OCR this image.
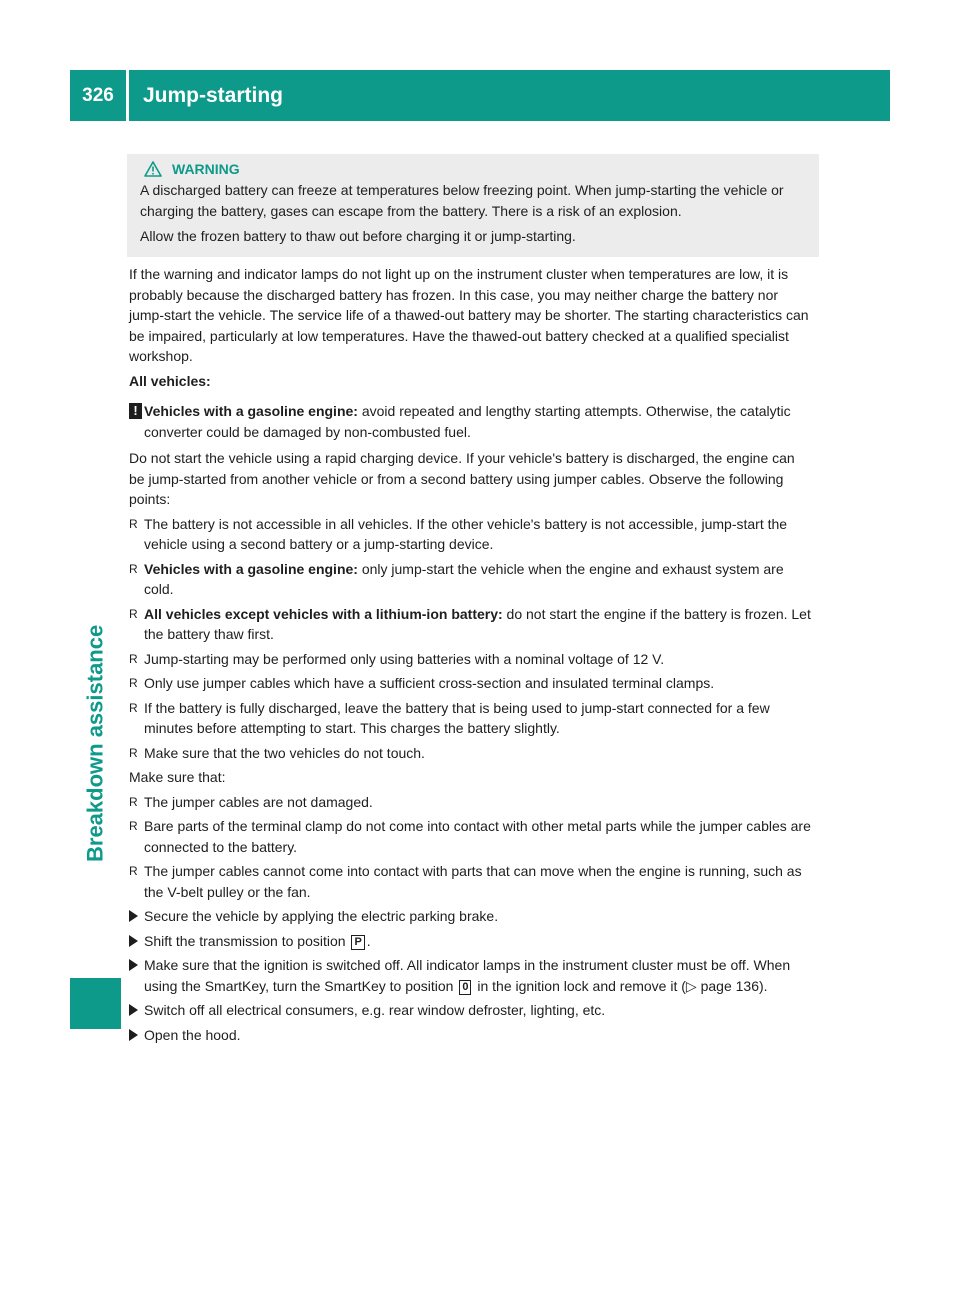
326	Jump-starting
Breakdown assistance
WARNING

A discharged battery can freeze at temperatures below freezing point. When jump-starting the vehicle or charging the battery, gases can escape from the battery. There is a risk of an explosion.

Allow the frozen battery to thaw out before charging it or jump-starting.

If the warning and indicator lamps do not light up on the instrument cluster when temperatures are low, it is probably because the discharged battery has frozen. In this case, you may neither charge the battery nor jump-start the vehicle. The service life of a thawed-out battery may be shorter. The starting characteristics can be impaired, particularly at low temperatures. Have the thawed-out battery checked at a qualified specialist workshop.

All vehicles:

! Vehicles with a gasoline engine: avoid repeated and lengthy starting attempts. Otherwise, the catalytic converter could be damaged by non-combusted fuel.

Do not start the vehicle using a rapid charging device. If your vehicle's battery is discharged, the engine can be jump-started from another vehicle or from a second battery using jumper cables. Observe the following points:

R The battery is not accessible in all vehicles. If the other vehicle's battery is not accessible, jump-start the vehicle using a second battery or a jump-starting device.
R Vehicles with a gasoline engine: only jump-start the vehicle when the engine and exhaust system are cold.
R All vehicles except vehicles with a lithium-ion battery: do not start the engine if the battery is frozen. Let the battery thaw first.
R Jump-starting may be performed only using batteries with a nominal voltage of 12 V.
R Only use jumper cables which have a sufficient cross-section and insulated terminal clamps.
R If the battery is fully discharged, leave the battery that is being used to jump-start connected for a few minutes before attempting to start. This charges the battery slightly.
R Make sure that the two vehicles do not touch.

Make sure that:

R The jumper cables are not damaged.
R Bare parts of the terminal clamp do not come into contact with other metal parts while the jumper cables are connected to the battery.
R The jumper cables cannot come into contact with parts that can move when the engine is running, such as the V-belt pulley or the fan.
Secure the vehicle by applying the electric parking brake.
Shift the transmission to position P .
Make sure that the ignition is switched off. All indicator lamps in the instrument cluster must be off. When using the SmartKey, turn the SmartKey to position 0 in the ignition lock and remove it (▷ page 136).
Switch off all electrical consumers, e.g. rear window defroster, lighting, etc.
Open the hood.
